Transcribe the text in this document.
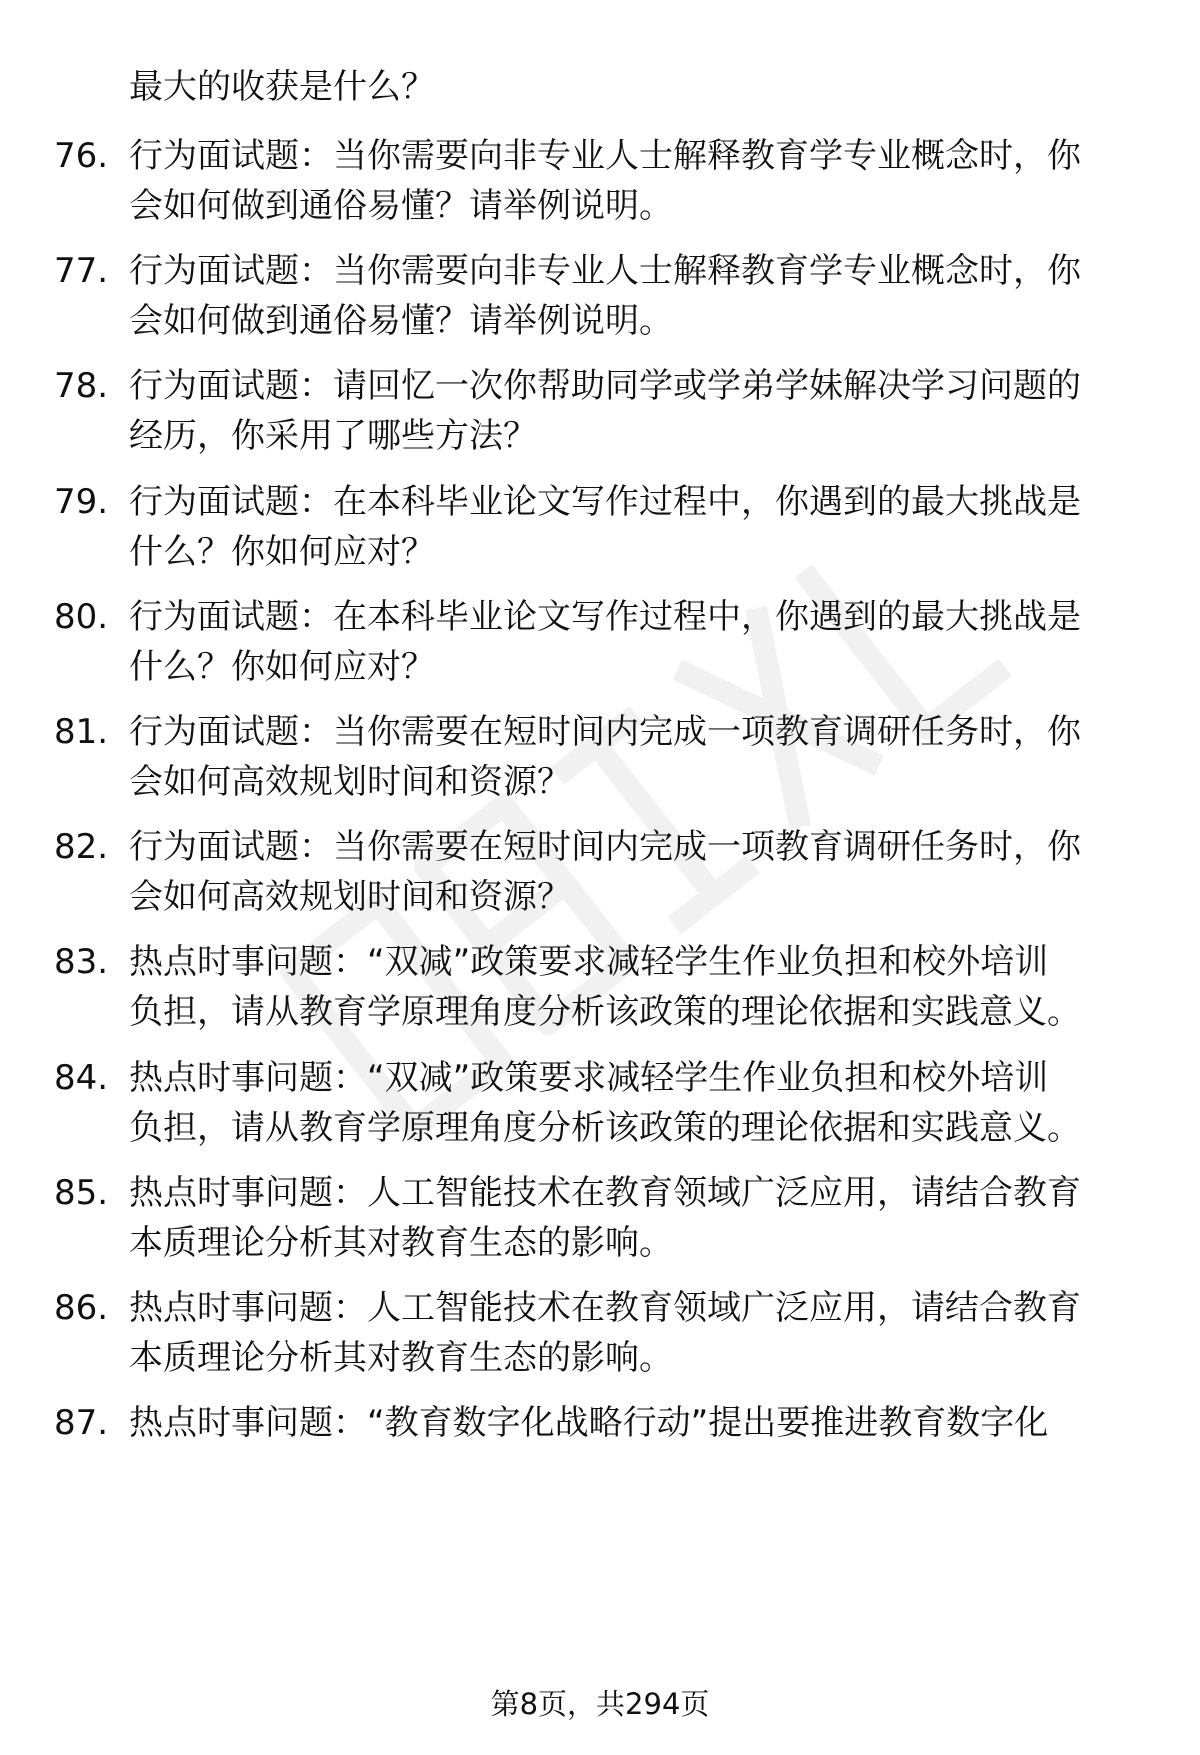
最大的收获是什么？

76. 行为面试题：当你需要向非专业人士解释教育学专业概念时，你
会如何做到通俗易懂？请举例说明。

77. 行为面试题：当你需要向非专业人士解释教育学专业概念时，你
会如何做到通俗易懂？请举例说明。

78. 行为面试题：请回忆一次你帮助同学或学弟学妹解决学习问题的
经历，你采用了哪些方法？

79. 行为面试题：在本科毕业论文写作过程中，你遇到的最大挑战是
什么？你如何应对？

80. 行为面试题：在本科毕业论文写作过程中，你遇到的最大挑战是
什么？你如何应对？

81. 行为面试题：当你需要在短时间内完成一项教育调研任务时，你
会如何高效规划时间和资源？

82. 行为面试题：当你需要在短时间内完成一项教育调研任务时，你
会如何高效规划时间和资源？

83. 热点时事问题：“双减”政策要求减轻学生作业负担和校外培训
负担，请从教育学原理角度分析该政策的理论依据和实践意义。

84. 热点时事问题：“双减”政策要求减轻学生作业负担和校外培训
负担，请从教育学原理角度分析该政策的理论依据和实践意义。

85. 热点时事问题：人工智能技术在教育领域广泛应用，请结合教育
本质理论分析其对教育生态的影响。

86. 热点时事问题：人工智能技术在教育领域广泛应用，请结合教育
本质理论分析其对教育生态的影响。

87. 热点时事问题：“教育数字化战略行动”提出要推进教育数字化

第8页，共294页
